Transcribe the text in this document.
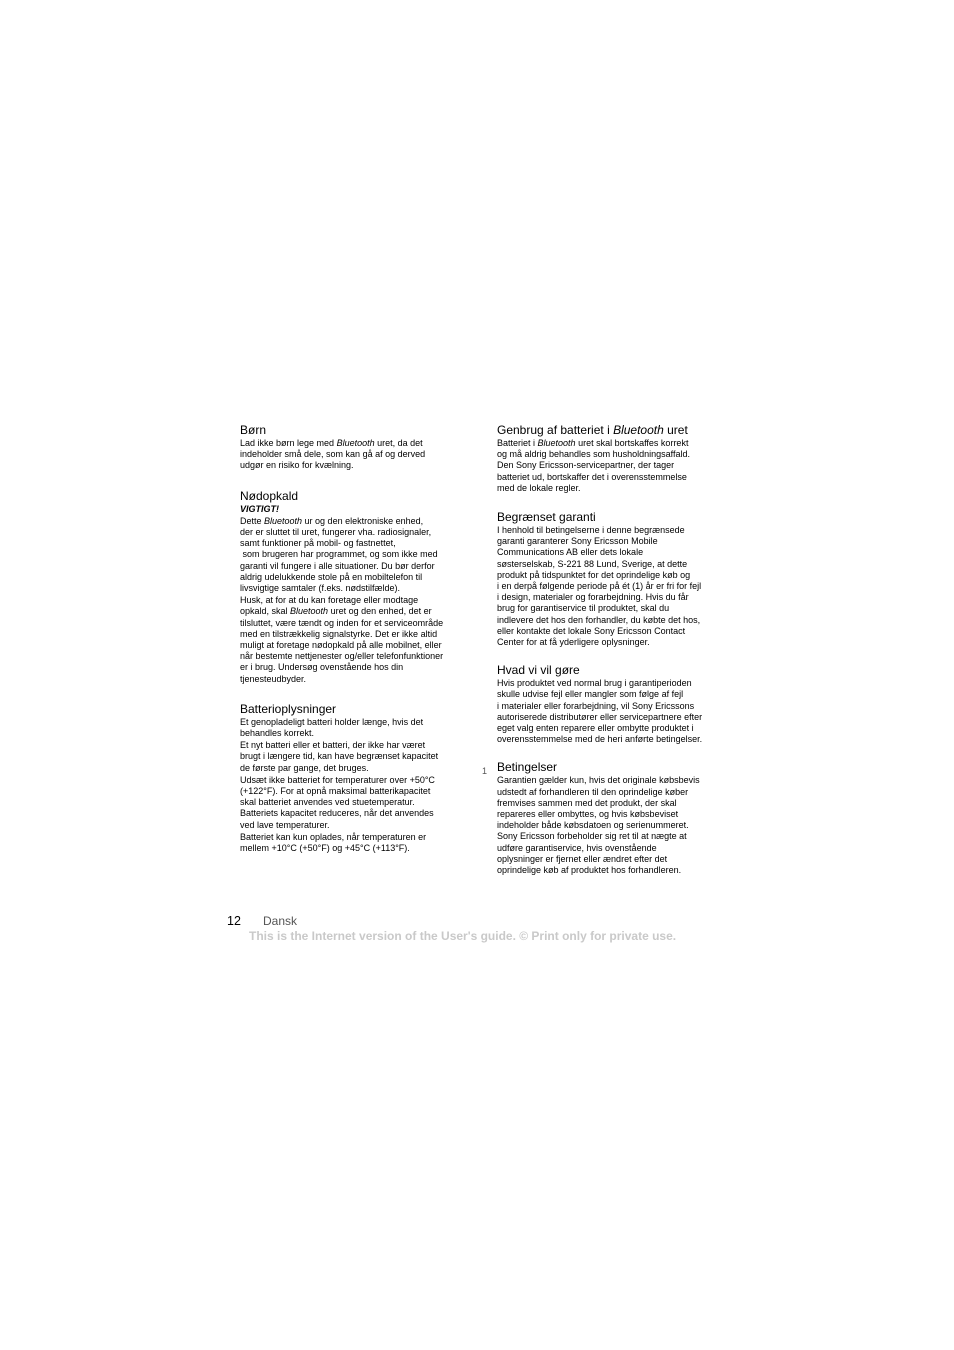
Børn

Lad ikke børn lege med Bluetooth uret, da det
indeholder små dele, som kan gå af og derved
udgør en risiko for kvælning.

Nødopkald

VIGTIGT!

Dette Bluetooth ur og den elektroniske enhed,
der er sluttet til uret, fungerer vha. radiosignaler,
samt funktioner på mobil- og fastnettet,
som brugeren har programmet, og som ikke med
garanti vil fungere i alle situationer. Du bør derfor
aldrig udelukkende stole på en mobiltelefon til
livsvigtige samtaler (f.eks. nødstilfælde).

Husk, at for at du kan foretage eller modtage
opkald, skal Bluetooth uret og den enhed, det er
tilsluttet, være tændt og inden for et serviceområde
med en tilstrækkelig signalstyrke. Det er ikke altid
muligt at foretage nødopkald på alle mobilnet, eller
når bestemte nettjenester og/eller telefonfunktioner
er i brug. Undersøg ovenstående hos din
tjenesteudbyder.

Batterioplysninger

Et genopladeligt batteri holder længe, hvis det
behandles korrekt.

Et nyt batteri eller et batteri, der ikke har været
brugt i længere tid, kan have begrænset kapacitet
de første par gange, det bruges.

Udsæt ikke batteriet for temperaturer over +50°C
(+122°F). For at opnå maksimal batterikapacitet
skal batteriet anvendes ved stuetemperatur.
Batteriets kapacitet reduceres, når det anvendes
ved lave temperaturer.

Batteriet kan kun oplades, når temperaturen er
mellem +10°C (+50°F) og +45°C (+113°F).

Genbrug af batteriet i Bluetooth uret

Batteriet i Bluetooth uret skal bortskaffes korrekt
og må aldrig behandles som husholdningsaffald.
Den Sony Ericsson-servicepartner, der tager
batteriet ud, bortskaffer det i overensstemmelse
med de lokale regler.

Begrænset garanti

I henhold til betingelserne i denne begrænsede
garanti garanterer Sony Ericsson Mobile
Communications AB eller dets lokale
søsterselskab, S-221 88 Lund, Sverige, at dette
produkt på tidspunktet for det oprindelige køb og
i en derpå følgende periode på ét (1) år er fri for fejl
i design, materialer og forarbejdning. Hvis du får
brug for garantiservice til produktet, skal du
indlevere det hos den forhandler, du købte det hos,
eller kontakte det lokale Sony Ericsson Contact
Center for at få yderligere oplysninger.

Hvad vi vil gøre

Hvis produktet ved normal brug i garantiperioden
skulle udvise fejl eller mangler som følge af fejl
i materialer eller forarbejdning, vil Sony Ericssons
autoriserede distributører eller servicepartnere efter
eget valg enten reparere eller ombytte produktet i
overensstemmelse med de heri anførte betingelser.

Betingelser

Garantien gælder kun, hvis det originale købsbevis
udstedt af forhandleren til den oprindelige køber
fremvises sammen med det produkt, der skal
repareres eller ombyttes, og hvis købsbeviset
indeholder både købsdatoen og serienummeret.
Sony Ericsson forbeholder sig ret til at nægte at
udføre garantiservice, hvis ovenstående
oplysninger er fjernet eller ændret efter det
oprindelige køb af produktet hos forhandleren.

1
12 Dansk
This is the Internet version of the User's guide. © Print only for private use.
